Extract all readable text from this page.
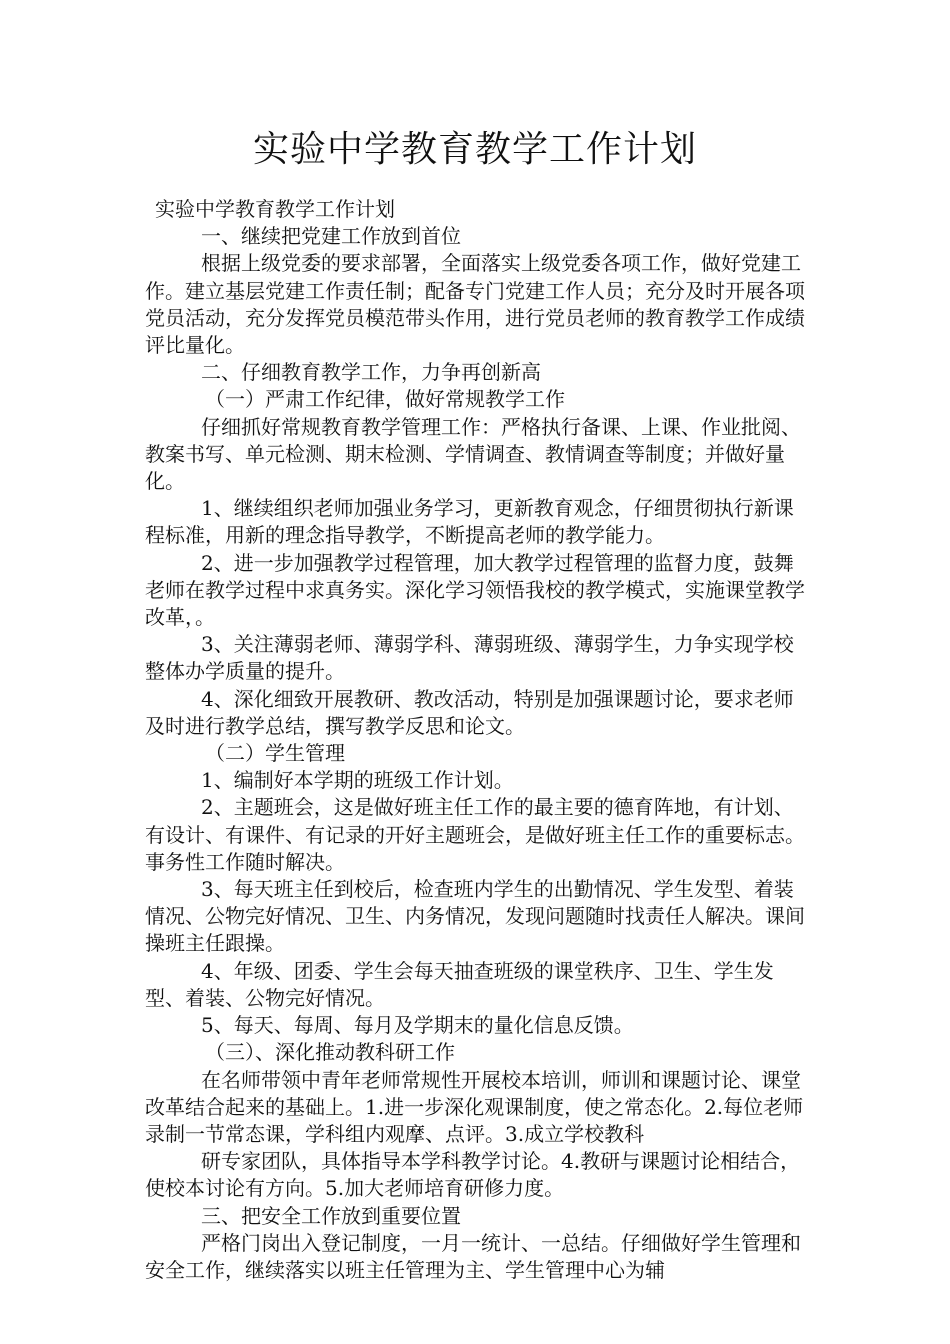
实验中学教育教学工作计划

实验中学教育教学工作计划

一、继续把党建工作放到首位

根据上级党委的要求部署，全面落实上级党委各项工作，做好党建工作。建立基层党建工作责任制；配备专门党建工作人员；充分及时开展各项党员活动，充分发挥党员模范带头作用，进行党员老师的教育教学工作成绩评比量化。

二、仔细教育教学工作，力争再创新高

（一）严肃工作纪律，做好常规教学工作

仔细抓好常规教育教学管理工作：严格执行备课、上课、作业批阅、教案书写、单元检测、期末检测、学情调查、教情调查等制度；并做好量化。

1、继续组织老师加强业务学习，更新教育观念，仔细贯彻执行新课程标准，用新的理念指导教学，不断提高老师的教学能力。

2、进一步加强教学过程管理，加大教学过程管理的监督力度，鼓舞老师在教学过程中求真务实。深化学习领悟我校的教学模式，实施课堂教学改革，。

3、关注薄弱老师、薄弱学科、薄弱班级、薄弱学生，力争实现学校整体办学质量的提升。

4、深化细致开展教研、教改活动，特别是加强课题讨论，要求老师及时进行教学总结，撰写教学反思和论文。

（二）学生管理

1、编制好本学期的班级工作计划。

2、主题班会，这是做好班主任工作的最主要的德育阵地，有计划、有设计、有课件、有记录的开好主题班会，是做好班主任工作的重要标志。事务性工作随时解决。

3、每天班主任到校后，检查班内学生的出勤情况、学生发型、着装情况、公物完好情况、卫生、内务情况，发现问题随时找责任人解决。课间操班主任跟操。

4、年级、团委、学生会每天抽查班级的课堂秩序、卫生、学生发型、着装、公物完好情况。

5、每天、每周、每月及学期末的量化信息反馈。

（三）、深化推动教科研工作

在名师带领中青年老师常规性开展校本培训，师训和课题讨论、课堂改革结合起来的基础上。1.进一步深化观课制度，使之常态化。2.每位老师录制一节常态课，学科组内观摩、点评。3.成立学校教科

研专家团队，具体指导本学科教学讨论。4.教研与课题讨论相结合，使校本讨论有方向。5.加大老师培育研修力度。

三、把安全工作放到重要位置

严格门岗出入登记制度，一月一统计、一总结。仔细做好学生管理和安全工作，继续落实以班主任管理为主、学生管理中心为辅
